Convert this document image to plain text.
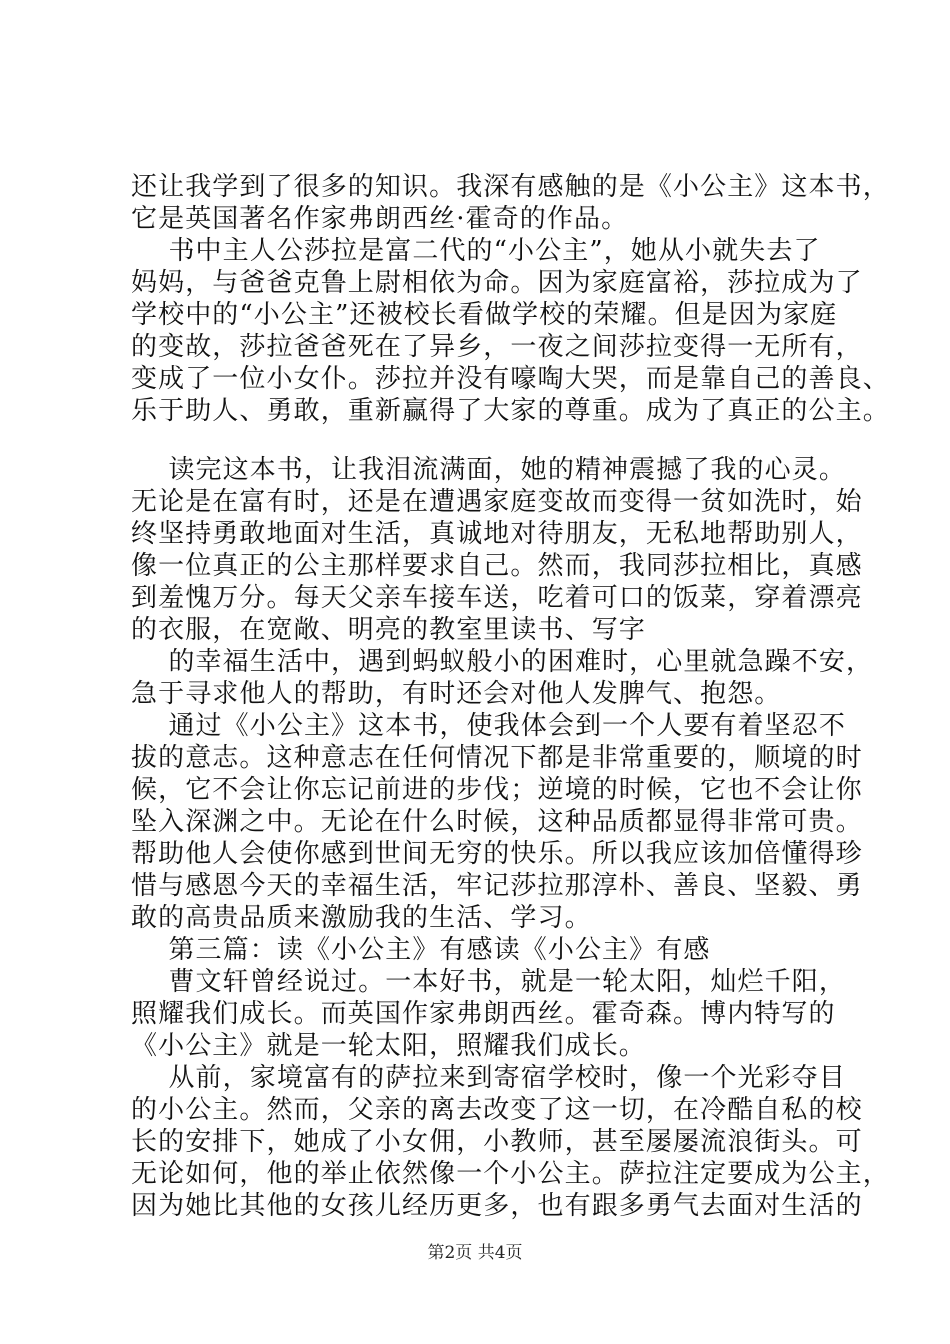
还让我学到了很多的知识。我深有感触的是《小公主》这本书，
它是英国著名作家弗朗西丝·霍奇的作品。
书中主人公莎拉是富二代的“小公主”，她从小就失去了
妈妈，与爸爸克鲁上尉相依为命。因为家庭富裕，莎拉成为了
学校中的“小公主”还被校长看做学校的荣耀。但是因为家庭
的变故，莎拉爸爸死在了异乡，一夜之间莎拉变得一无所有，
变成了一位小女仆。莎拉并没有嚎啕大哭，而是靠自己的善良、
乐于助人、勇敢，重新赢得了大家的尊重。成为了真正的公主。
读完这本书，让我泪流满面，她的精神震撼了我的心灵。
无论是在富有时，还是在遭遇家庭变故而变得一贫如洗时，始
终坚持勇敢地面对生活，真诚地对待朋友，无私地帮助别人，
像一位真正的公主那样要求自己。然而，我同莎拉相比，真感
到羞愧万分。每天父亲车接车送，吃着可口的饭菜，穿着漂亮
的衣服，在宽敞、明亮的教室里读书、写字
的幸福生活中，遇到蚂蚁般小的困难时，心里就急躁不安，
急于寻求他人的帮助，有时还会对他人发脾气、抱怨。
通过《小公主》这本书，使我体会到一个人要有着坚忍不
拔的意志。这种意志在任何情况下都是非常重要的，顺境的时
候，它不会让你忘记前进的步伐；逆境的时候，它也不会让你
坠入深渊之中。无论在什么时候，这种品质都显得非常可贵。
帮助他人会使你感到世间无穷的快乐。所以我应该加倍懂得珍
惜与感恩今天的幸福生活，牢记莎拉那淳朴、善良、坚毅、勇
敢的高贵品质来激励我的生活、学习。
第三篇：读《小公主》有感读《小公主》有感
曹文轩曾经说过。一本好书，就是一轮太阳，灿烂千阳，
照耀我们成长。而英国作家弗朗西丝。霍奇森。博内特写的
《小公主》就是一轮太阳，照耀我们成长。
从前，家境富有的萨拉来到寄宿学校时，像一个光彩夺目
的小公主。然而，父亲的离去改变了这一切，在冷酷自私的校
长的安排下，她成了小女佣，小教师，甚至屡屡流浪街头。可
无论如何，他的举止依然像一个小公主。萨拉注定要成为公主，
因为她比其他的女孩儿经历更多，也有跟多勇气去面对生活的
第2页 共4页
